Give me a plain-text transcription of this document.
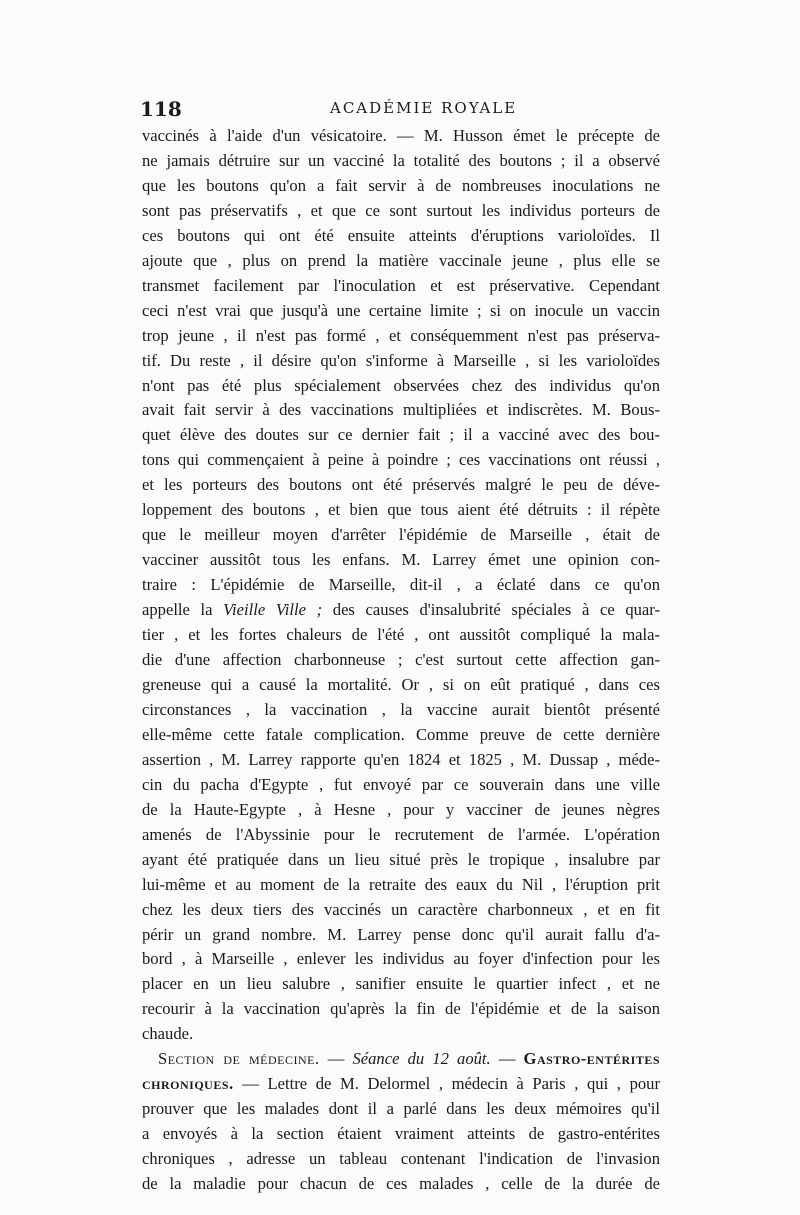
118	ACADÉMIE ROYALE
vaccinés à l'aide d'un vésicatoire. — M. Husson émet le précepte de
ne jamais détruire sur un vacciné la totalité des boutons ; il a observé
que les boutons qu'on a fait servir à de nombreuses inoculations ne
sont pas préservatifs , et que ce sont surtout les individus porteurs de
ces boutons qui ont été ensuite atteints d'éruptions varioloïdes. Il
ajoute que , plus on prend la matière vaccinale jeune , plus elle se
transmet facilement par l'inoculation et est préservative. Cependant
ceci n'est vrai que jusqu'à une certaine limite ; si on inocule un vaccin
trop jeune , il n'est pas formé , et conséquemment n'est pas préserva-
tif. Du reste , il désire qu'on s'informe à Marseille , si les varioloïdes
n'ont pas été plus spécialement observées chez des individus qu'on
avait fait servir à des vaccinations multipliées et indiscrètes. M. Bous-
quet élève des doutes sur ce dernier fait ; il a vacciné avec des bou-
tons qui commençaient à peine à poindre ; ces vaccinations ont réussi ,
et les porteurs des boutons ont été préservés malgré le peu de déve-
loppement des boutons , et bien que tous aient été détruits : il répète
que le meilleur moyen d'arrêter l'épidémie de Marseille , était de
vacciner aussitôt tous les enfans. M. Larrey émet une opinion con-
traire : L'épidémie de Marseille, dit-il , a éclaté dans ce qu'on
appelle la Vieille Ville ; des causes d'insalubrité spéciales à ce quar-
tier , et les fortes chaleurs de l'été , ont aussitôt compliqué la mala-
die d'une affection charbonneuse ; c'est surtout cette affection gan-
greneuse qui a causé la mortalité. Or , si on eût pratiqué , dans ces
circonstances , la vaccination , la vaccine aurait bientôt présenté
elle-même cette fatale complication. Comme preuve de cette dernière
assertion , M. Larrey rapporte qu'en 1824 et 1825 , M. Dussap , méde-
cin du pacha d'Egypte , fut envoyé par ce souverain dans une ville
de la Haute-Egypte , à Hesne , pour y vacciner de jeunes nègres
amenés de l'Abyssinie pour le recrutement de l'armée. L'opération
ayant été pratiquée dans un lieu situé près le tropique , insalubre par
lui-même et au moment de la retraite des eaux du Nil , l'éruption prit
chez les deux tiers des vaccinés un caractère charbonneux , et en fit
périr un grand nombre. M. Larrey pense donc qu'il aurait fallu d'a-
bord , à Marseille , enlever les individus au foyer d'infection pour les
placer en un lieu salubre , sanifier ensuite le quartier infect , et ne
recourir à la vaccination qu'après la fin de l'épidémie et de la saison
chaude.
Section de médecine. — Séance du 12 août. — Gastro-entérites
chroniques. — Lettre de M. Delormel , médecin à Paris , qui , pour
prouver que les malades dont il a parlé dans les deux mémoires qu'il
a envoyés à la section étaient vraiment atteints de gastro-entérites
chroniques , adresse un tableau contenant l'indication de l'invasion
de la maladie pour chacun de ces malades , celle de la durée de
